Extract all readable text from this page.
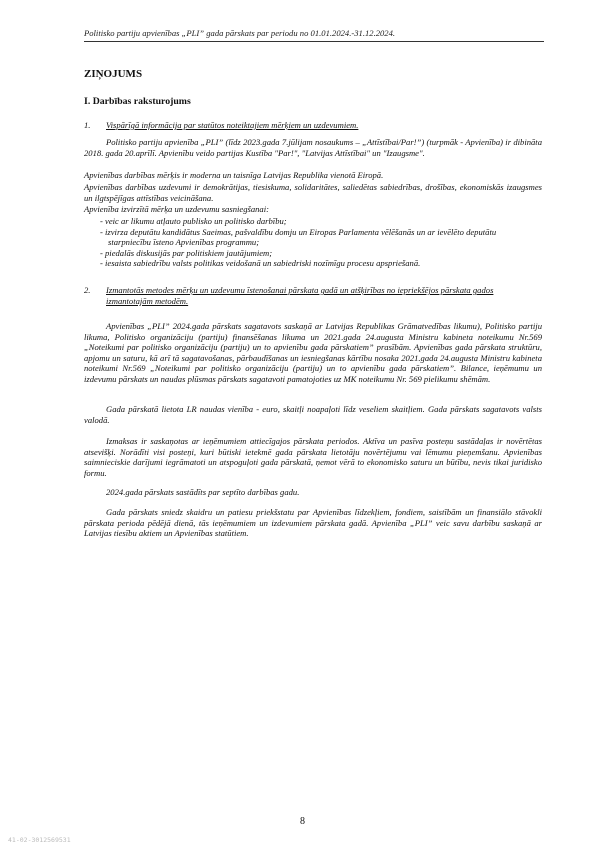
Politisko partiju apvienības „PLI” gada pārskats par periodu no 01.01.2024.-31.12.2024.
ZIŅOJUMS
I. Darbības raksturojums
1.	Vispārīgā informācija par statūtos noteiktajiem mērķiem un uzdevumiem.

Politisko partiju apvienība „PLI” (līdz 2023.gada 7.jūlijam nosaukums – „Attīstībai/Par!”) (turpmāk - Apvienība) ir dibināta 2018. gada 20.aprīlī. Apvienību veido partijas Kustība "Par!", "Latvijas Attīstībai" un "Izaugsme".

Apvienības darbības mērķis ir moderna un taisnīga Latvijas Republika vienotā Eiropā.

Apvienības darbības uzdevumi ir demokrātijas, tiesiskuma, solidaritātes, saliedētas sabiedrības, drošības, ekonomiskās izaugsmes un ilgtspējīgas attīstības veicināšana.

Apvienība izvirzītā mērķa un uzdevumu sasniegšanai:

- veic ar likumu atļauto publisko un politisko darbību;
- izvirza deputātu kandidātus Saeimas, pašvaldību domju un Eiropas Parlamenta vēlēšanās un ar ievēlēto deputātu starpniecību īsteno Apvienības programmu;
- piedalās diskusijās par politiskiem jautājumiem;
- iesaista sabiedrību valsts politikas veidošanā un sabiedriski nozīmīgu procesu apspriešanā.
2.	Izmantotās metodes mērķu un uzdevumu īstenošanai pārskata gadā un atšķirības no iepriekšējos pārskata gados izmantotajām metodēm.

Apvienības „PLI” 2024.gada pārskats sagatavots saskaņā ar Latvijas Republikas Grāmatvedības likumu), Politisko partiju likuma, Politisko organizāciju (partiju) finansēšanas likuma un 2021.gada 24.augusta Ministru kabineta noteikumu Nr.569 „Noteikumi par politisko organizāciju (partiju) un to apvienību gada pārskatiem” prasībām. Apvienības gada pārskata struktūru, apjomu un saturu, kā arī tā sagatavošanas, pārbaudīšanas un iesniegšanas kārtību nosaka 2021.gada 24.augusta Ministru kabineta noteikumi Nr.569 „Noteikumi par politisko organizāciju (partiju) un to apvienību gada pārskatiem”. Bilance, ieņēmumu un izdevumu pārskats un naudas plūsmas pārskats sagatavoti pamatojoties uz MK noteikumu Nr. 569 pielikumu shēmām.

Gada pārskatā lietota LR naudas vienība - euro, skaitļi noapaļoti līdz veseliem skaitļiem. Gada pārskats sagatavots valsts valodā.

Izmaksas ir saskaņotas ar ieņēmumiem attiecīgajos pārskata periodos. Aktīva un pasīva posteņu sastādaļas ir novērtētas atsevišķi. Norādīti visi posteņi, kuri būtiski ietekmē gada pārskata lietotāju novērtējumu vai lēmumu pieņemšanu. Apvienības saimnieciskie darījumi iegrāmatoti un atspoguļoti gada pārskatā, ņemot vērā to ekonomisko saturu un būtību, nevis tikai juridisko formu.

2024.gada pārskats sastādīts par septīto darbības gadu.

Gada pārskats sniedz skaidru un patiesu priekšstatu par Apvienības līdzekļiem, fondiem, saistībām un finansiālo stāvokli pārskata perioda pēdējā dienā, tās ieņēmumiem un izdevumiem pārskata gadā. Apvienība „PLI” veic savu darbību saskaņā ar Latvijas tiesību aktiem un Apvienības statūtiem.

8
41-02-3012569531
